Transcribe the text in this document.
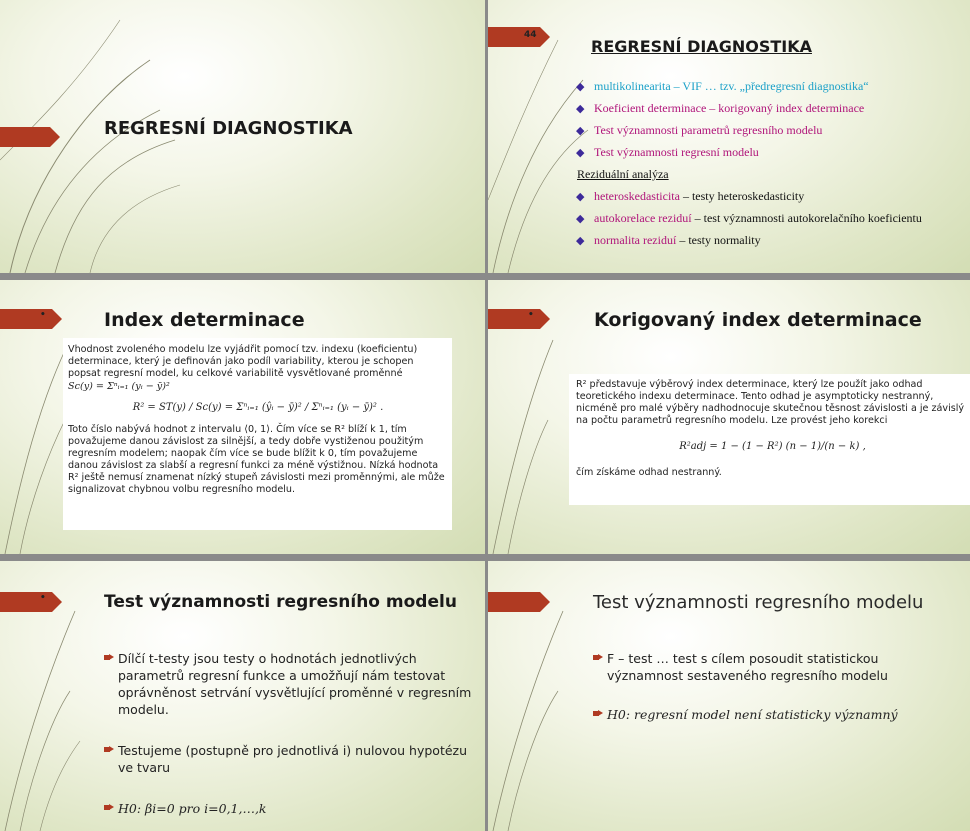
REGRESNÍ DIAGNOSTIKA
44
REGRESNÍ DIAGNOSTIKA
◆ multikolinearita – VIF … tzv. „předregresní diagnostika“
◆ Koeficient determinace – korigovaný index determinace
◆ Test významnosti parametrů regresního modelu
◆ Test významnosti regresní modelu
Reziduální analýza
◆ heteroskedasticita – testy heteroskedasticity
◆ autokorelace reziduí – test významnosti autokorelačního koeficientu
◆ normalita reziduí – testy normality
•	Index determinace

Vhodnost zvoleného modelu lze vyjádřit pomocí tzv. indexu (koeficientu) determinace, který je definován jako podíl variability, kterou je schopen popsat regresní model, ku celkové variabilitě vysvětlované proměnné

Sc(y) = Σⁿᵢ₌₁ (yᵢ − ȳ)²

R² = ST(y) / Sc(y) = Σⁿᵢ₌₁ (ŷᵢ − ȳ)² / Σⁿᵢ₌₁ (yᵢ − ȳ)² .

Toto číslo nabývá hodnot z intervalu ⟨0, 1⟩. Čím více se R² blíží k 1, tím považujeme danou závislost za silnější, a tedy dobře vystiženou použitým regresním modelem; naopak čím více se bude blížit k 0, tím považujeme danou závislost za slabší a regresní funkci za méně výstižnou. Nízká hodnota R² ještě nemusí znamenat nízký stupeň závislosti mezi proměnnými, ale může signalizovat chybnou volbu regresního modelu.

•	Korigovaný index determinace

R² představuje výběrový index determinace, který lze použít jako odhad teoretického indexu determinace. Tento odhad je asymptoticky nestranný, nicméně pro malé výběry nadhodnocuje skutečnou těsnost závislosti a je závislý na počtu parametrů regresního modelu. Lze provést jeho korekci

R²adj = 1 − (1 − R²) (n − 1)/(n − k) ,

čím získáme odhad nestranný.

•	Test významnosti regresního modelu
Dílčí t-testy jsou testy o hodnotách jednotlivých parametrů regresní funkce a umožňují nám testovat oprávněnost setrvání vysvětlující proměnné v regresním modelu.
Testujeme (postupně pro jednotlivá i) nulovou hypotézu ve tvaru
H0: βi=0 pro i=0,1,…,k
Test významnosti regresního modelu
F – test … test s cílem posoudit statistickou významnost sestaveného regresního modelu
H0: regresní model není statisticky významný
